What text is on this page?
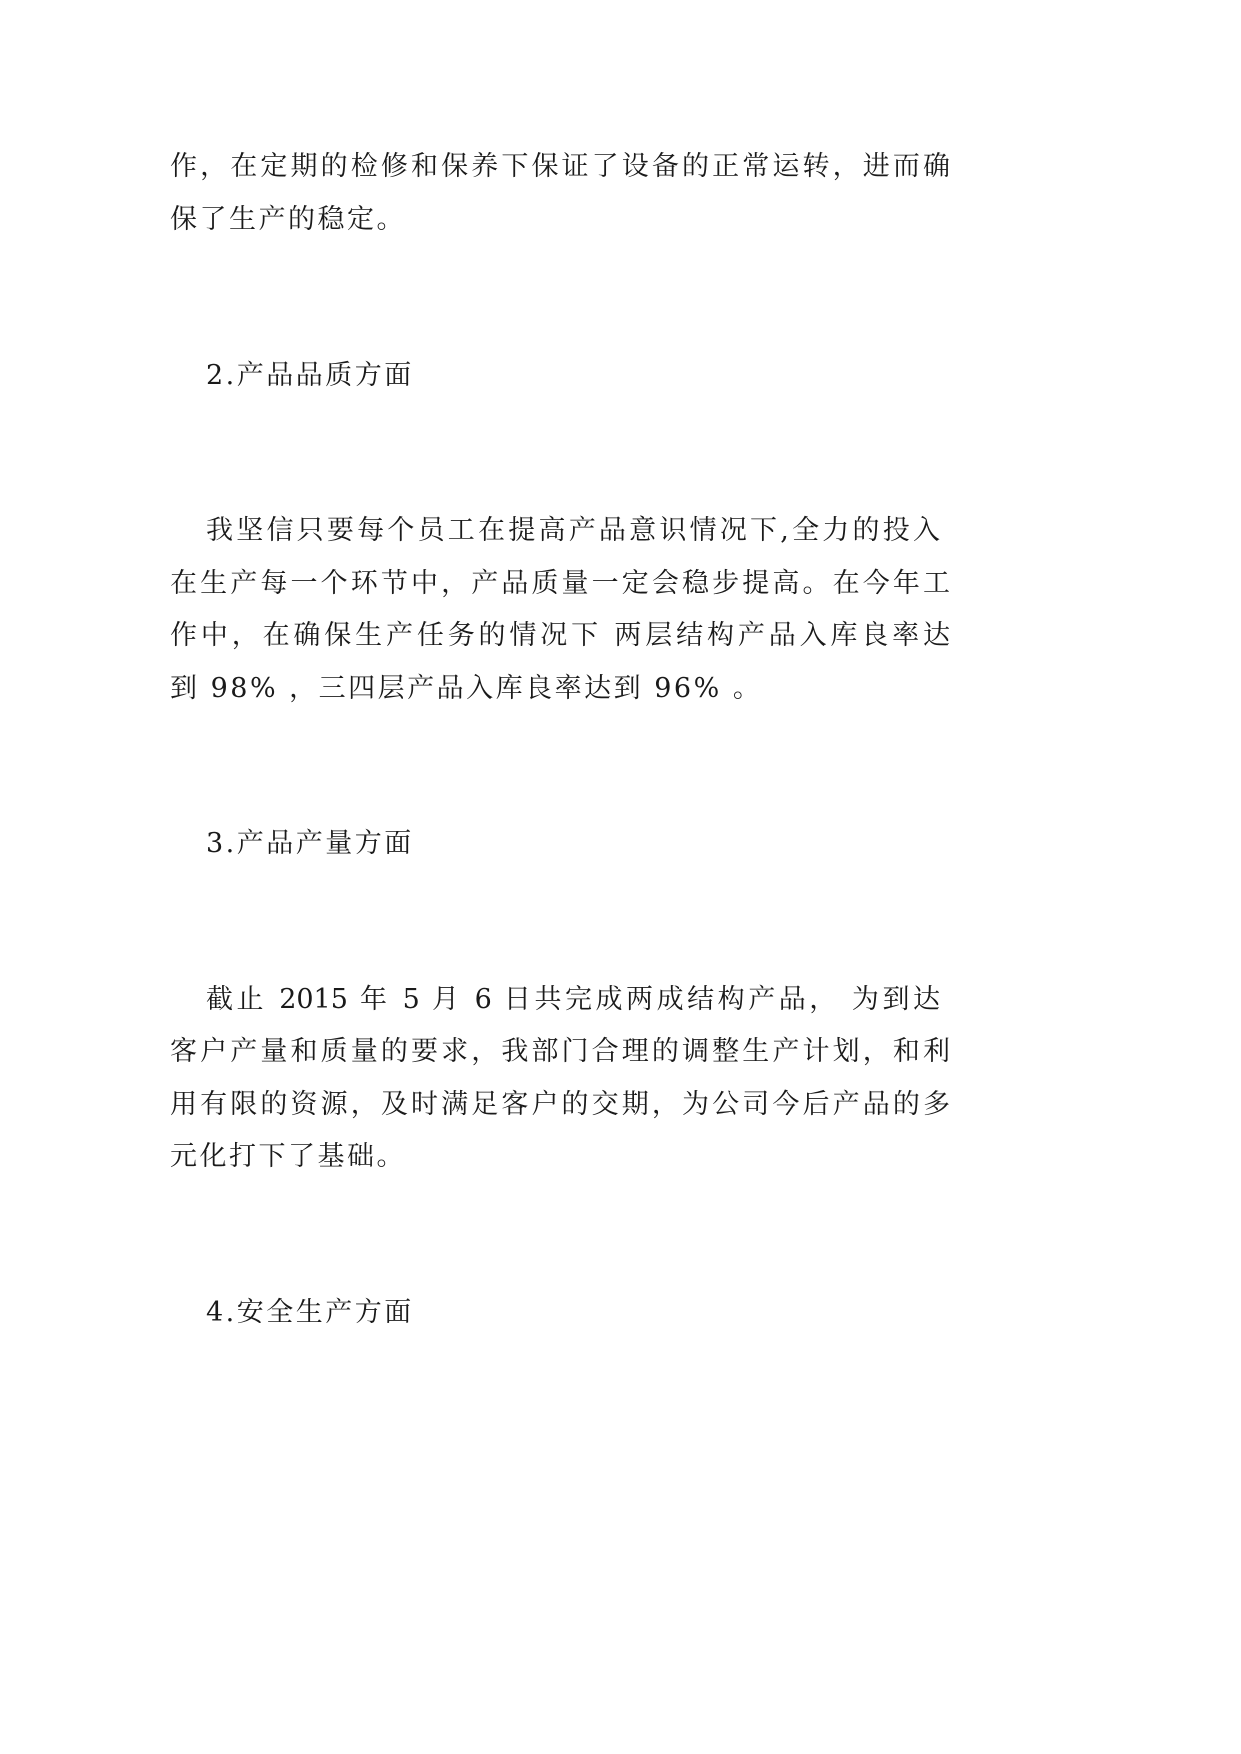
作，在定期的检修和保养下保证了设备的正常运转，进而确
保了生产的稳定。
2.产品品质方面
我坚信只要每个员工在提高产品意识情况下,全力的投入
在生产每一个环节中，产品质量一定会稳步提高。在今年工
作中，在确保生产任务的情况下 两层结构产品入库良率达
到 98% ，三四层产品入库良率达到 96% 。
3.产品产量方面
截止 2015 年 5 月 6 日共完成两成结构产品， 为到达
客户产量和质量的要求，我部门合理的调整生产计划，和利
用有限的资源，及时满足客户的交期，为公司今后产品的多
元化打下了基础。
4.安全生产方面
